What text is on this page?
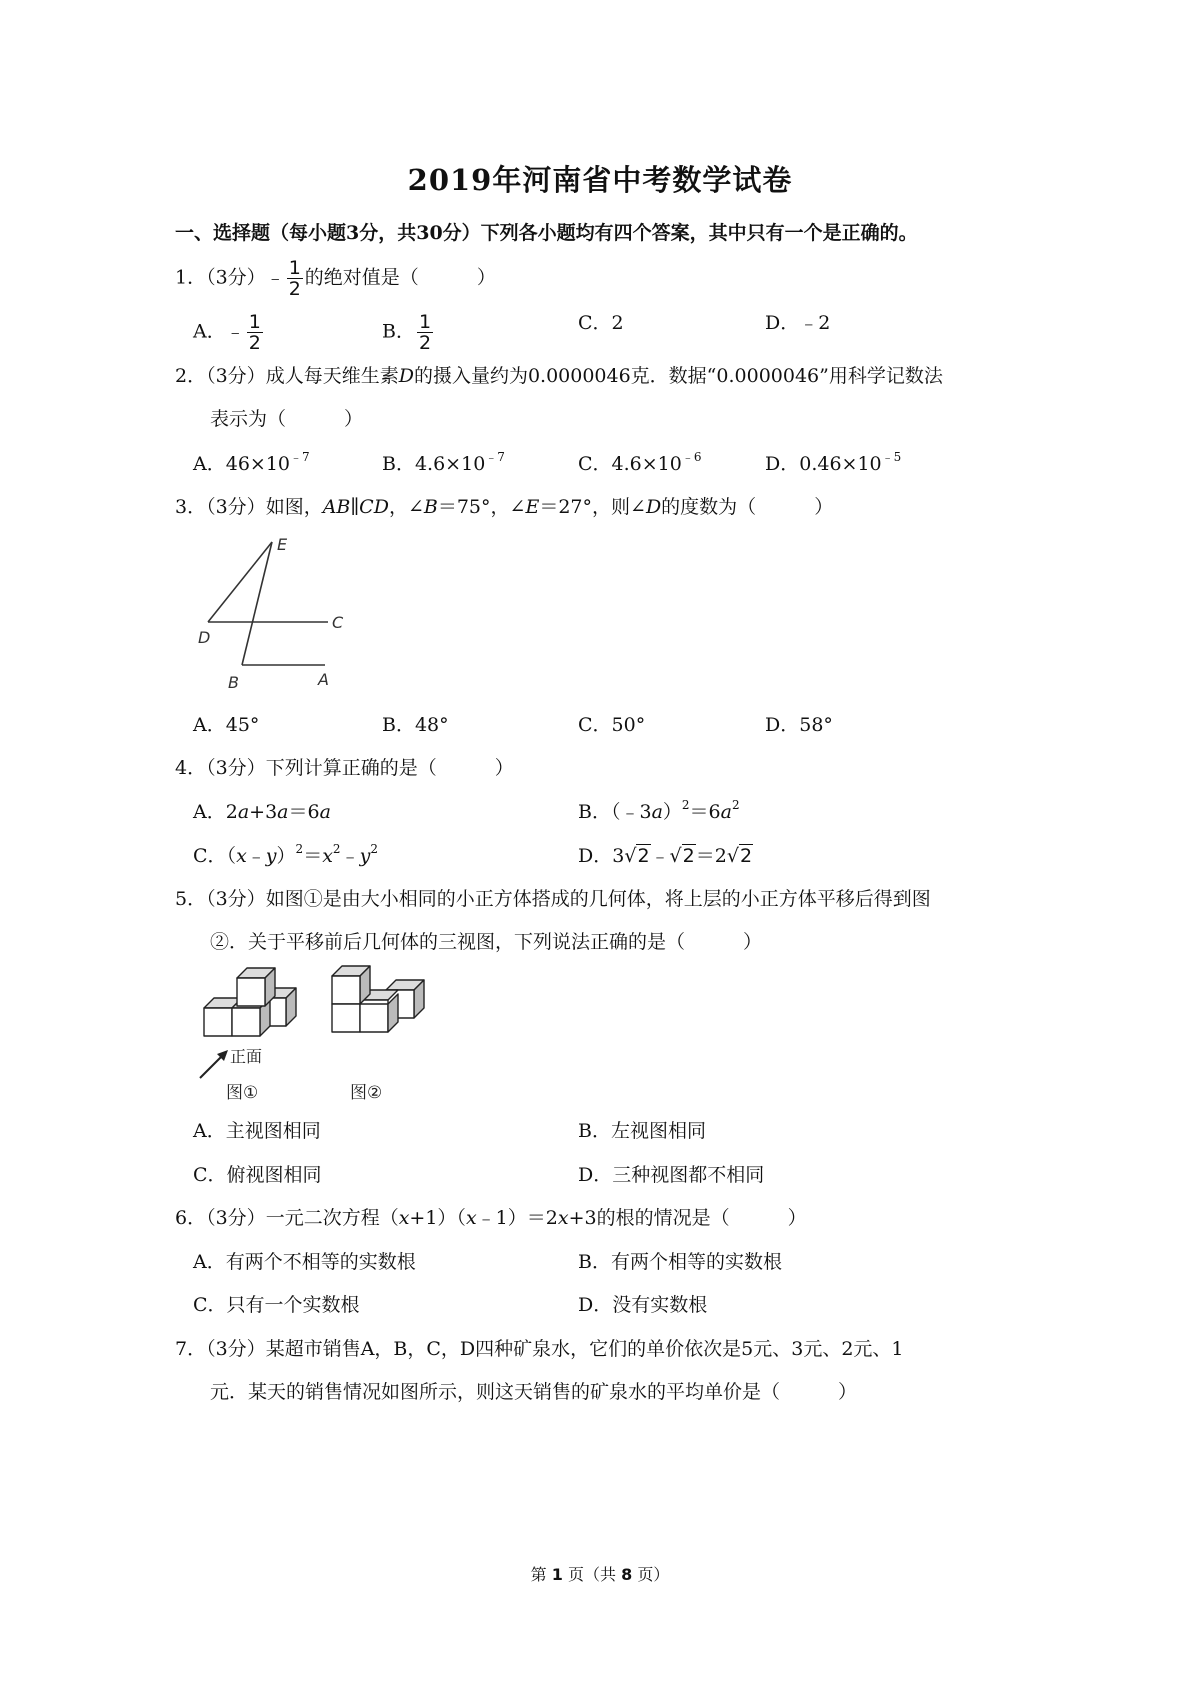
2019年河南省中考数学试卷
一、选择题（每小题3分，共30分）下列各小题均有四个答案，其中只有一个是正确的。
1．（3分）﹣ $\frac{1}{2}$ 的绝对值是（	）
A．﹣ $\frac{1}{2}$	B． $\frac{1}{2}$	C．2	D．﹣2
2．（3分）成人每天维生素D的摄入量约为0.0000046克．数据“0.0000046”用科学记数法
表示为（	）
A．$46\times 10^{﹣7}$	B．$4.6\times 10^{﹣7}$	C．$4.6\times 10^{﹣6}$	D．$0.46\times 10^{﹣5}$
3．（3分）如图，AB∥CD，∠B＝75°，∠E＝27°，则∠D的度数为（	）
E
D
C
B	A
A．45°	B．48°	C．50°	D．58°
4．（3分）下列计算正确的是（	）
A．2a+3a＝6a	B．$(﹣3a)^2=6a^2$
C．$(x﹣y)^2=x^2﹣y^2$	D．3√2﹣√2＝2√2
5．（3分）如图①是由大小相同的小正方体搭成的几何体，将上层的小正方体平移后得到图
②．关于平移前后几何体的三视图，下列说法正确的是（	）
正面
图①	图②
A．主视图相同	B．左视图相同
C．俯视图相同	D．三种视图都不相同
6．（3分）一元二次方程（x+1）（x﹣1）＝2x+3的根的情况是（	）
A．有两个不相等的实数根	B．有两个相等的实数根
C．只有一个实数根	D．没有实数根
7．（3分）某超市销售A，B，C，D四种矿泉水，它们的单价依次是5元、3元、2元、1
元．某天的销售情况如图所示，则这天销售的矿泉水的平均单价是（	）
第 1 页（共 8 页）
